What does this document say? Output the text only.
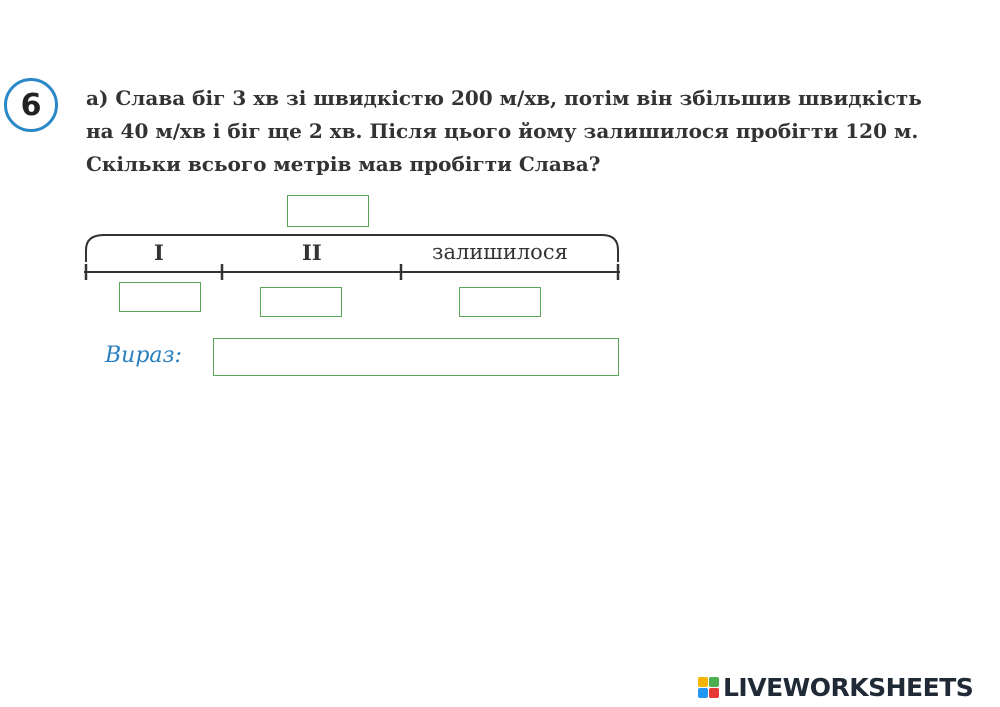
6 а) Слава біг 3 хв зі швидкістю 200 м/хв, потім він збільшив швидкість
на 40 м/хв і біг ще 2 хв. Після цього йому залишилося пробігти 120 м.
Скільки всього метрів мав пробігти Слава?
I	II	залишилося
Вираз:
LIVEWORKSHEETS
